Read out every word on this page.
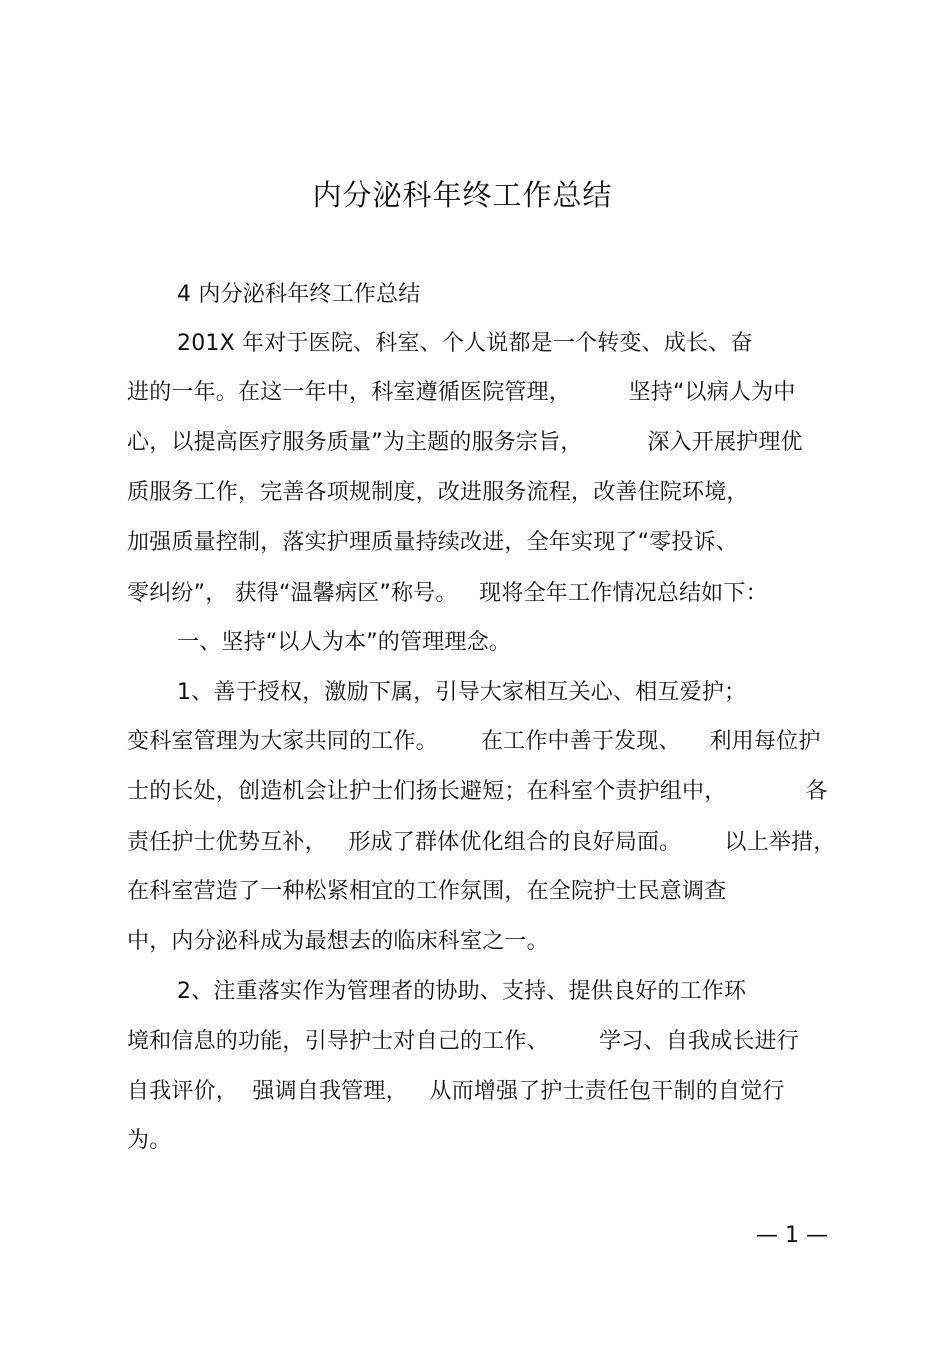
内分泌科年终工作总结
4 内分泌科年终工作总结
201X 年对于医院、科室、个人说都是一个转变、成长、奋
进的一年。在这一年中，科室遵循医院管理，        坚持“以病人为中
心，以提高医疗服务质量”为主题的服务宗旨，         深入开展护理优
质服务工作，完善各项规制度，改进服务流程，改善住院环境，
加强质量控制，落实护理质量持续改进，全年实现了“零投诉、
零纠纷”， 获得“温馨病区”称号。   现将全年工作情况总结如下：
一、坚持“以人为本”的管理理念。
1、善于授权，激励下属，引导大家相互关心、相互爱护；
变科室管理为大家共同的工作。      在工作中善于发现、    利用每位护
士的长处，创造机会让护士们扬长避短；在科室个责护组中，           各
责任护士优势互补，   形成了群体优化组合的良好局面。      以上举措，
在科室营造了一种松紧相宜的工作氛围，在全院护士民意调查
中，内分泌科成为最想去的临床科室之一。
2、注重落实作为管理者的协助、支持、提供良好的工作环
境和信息的功能，引导护士对自己的工作、       学习、自我成长进行
自我评价，  强调自我管理，   从而增强了护士责任包干制的自觉行
为。
— 1 —
